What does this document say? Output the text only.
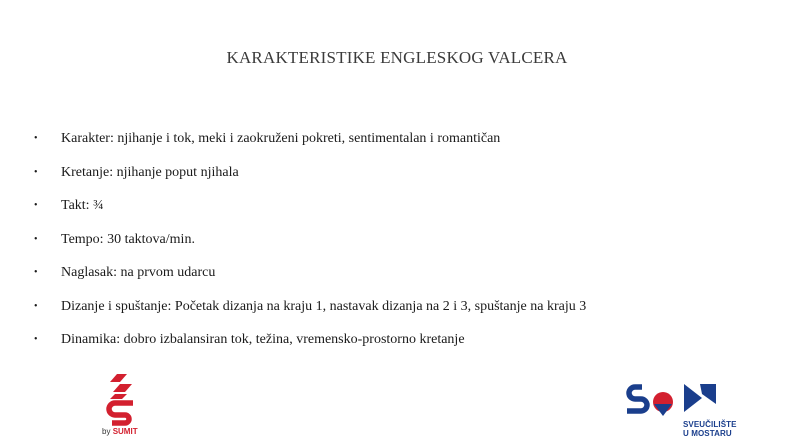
KARAKTERISTIKE ENGLESKOG VALCERA
• Karakter: njihanje i tok, meki i zaokruženi pokreti, sentimentalan i romantičan
• Kretanje: njihanje poput njihala
• Takt: ¾
• Tempo: 30 taktova/min.
• Naglasak: na prvom udarcu
• Dizanje i spuštanje: Početak dizanja na kraju 1, nastavak dizanja na 2 i 3, spuštanje na kraju 3
• Dinamika: dobro izbalansiran tok, težina, vremensko-prostorno kretanje
by SUMIT
SVEUČILIŠTE
U MOSTARU
